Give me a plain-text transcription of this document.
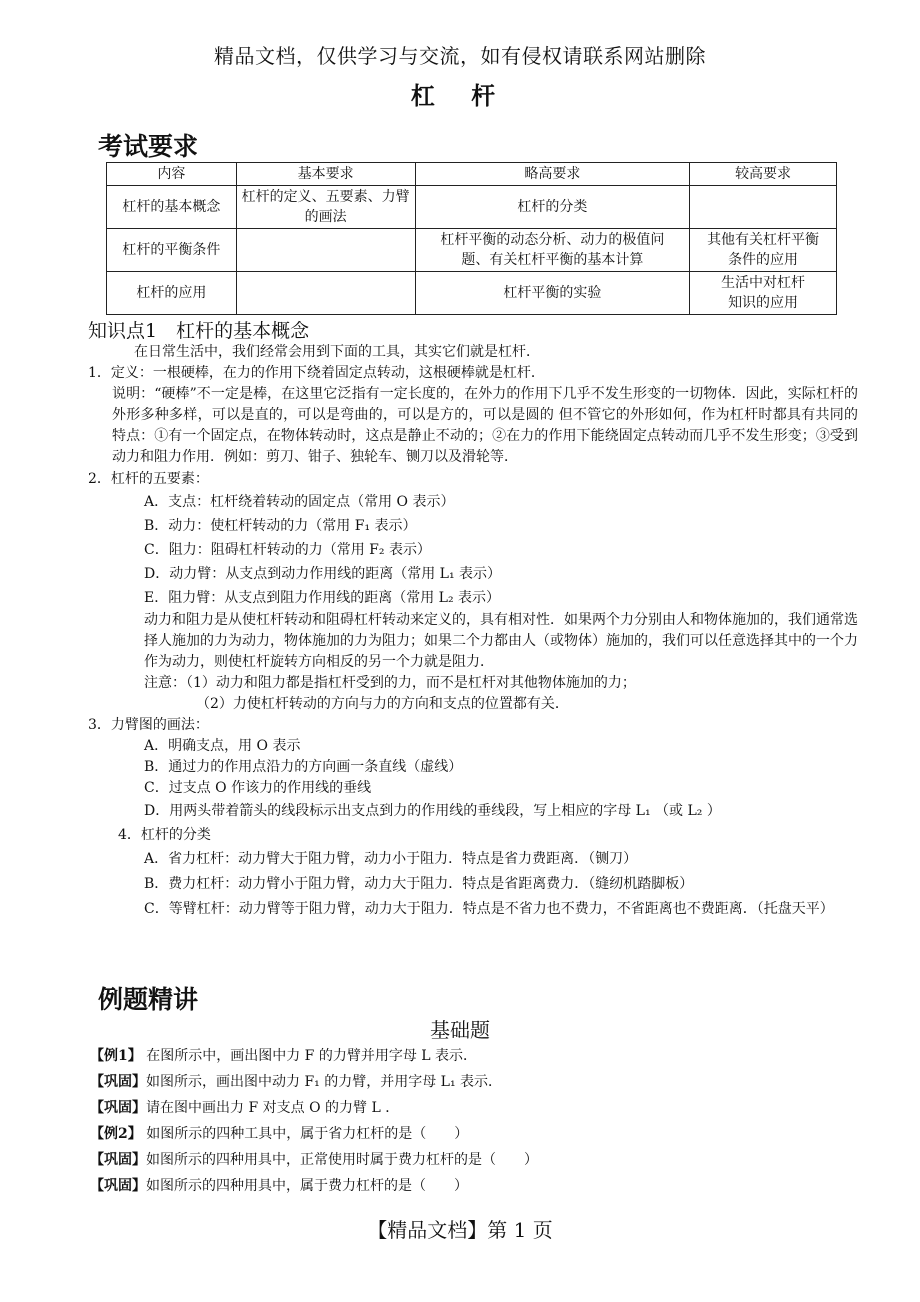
精品文档，仅供学习与交流，如有侵权请联系网站删除
杠 杆
考试要求
内容	基本要求	略高要求	较高要求
杠杆的基本概念	杠杆的定义、五要素、力臂的画法	杠杆的分类	
杠杆的平衡条件		杠杆平衡的动态分析、动力的极值问题、有关杠杆平衡的基本计算	其他有关杠杆平衡条件的应用
杠杆的应用		杠杆平衡的实验	生活中对杠杆知识的应用
知识点1　杠杆的基本概念
在日常生活中，我们经常会用到下面的工具，其实它们就是杠杆．
1．定义：一根硬棒，在力的作用下绕着固定点转动，这根硬棒就是杠杆．
说明：“硬棒”不一定是棒，在这里它泛指有一定长度的，在外力的作用下几乎不发生形变的一切物体．因此，实际杠杆的外形多种多样，可以是直的，可以是弯曲的，可以是方的，可以是圆的 但不管它的外形如何，作为杠杆时都具有共同的特点：①有一个固定点，在物体转动时，这点是静止不动的；②在力的作用下能绕固定点转动而几乎不发生形变；③受到动力和阻力作用．例如：剪刀、钳子、独轮车、铡刀以及滑轮等．
2．杠杆的五要素：
A．支点：杠杆绕着转动的固定点（常用 O 表示）
B．动力：使杠杆转动的力（常用 F₁ 表示）
C．阻力：阻碍杠杆转动的力（常用 F₂ 表示）
D．动力臂：从支点到动力作用线的距离（常用 L₁ 表示）
E．阻力臂：从支点到阻力作用线的距离（常用 L₂ 表示）
动力和阻力是从使杠杆转动和阻碍杠杆转动来定义的，具有相对性．如果两个力分别由人和物体施加的，我们通常选择人施加的力为动力，物体施加的力为阻力；如果二个力都由人（或物体）施加的，我们可以任意选择其中的一个力作为动力，则使杠杆旋转方向相反的另一个力就是阻力．
注意：（1）动力和阻力都是指杠杆受到的力，而不是杠杆对其他物体施加的力；
（2）力使杠杆转动的方向与力的方向和支点的位置都有关．
3．力臂图的画法：
A．明确支点，用 O 表示
B．通过力的作用点沿力的方向画一条直线（虚线）
C．过支点 O 作该力的作用线的垂线
D．用两头带着箭头的线段标示出支点到力的作用线的垂线段，写上相应的字母 L₁ （或 L₂ ）
4．杠杆的分类
A．省力杠杆：动力臂大于阻力臂，动力小于阻力．特点是省力费距离．（铡刀）
B．费力杠杆：动力臂小于阻力臂，动力大于阻力．特点是省距离费力．（缝纫机踏脚板）
C．等臂杠杆：动力臂等于阻力臂，动力大于阻力．特点是不省力也不费力，不省距离也不费距离．（托盘天平）
例题精讲
基础题
【例1】 在图所示中，画出图中力 F 的力臂并用字母 L 表示．
【巩固】如图所示，画出图中动力 F₁ 的力臂，并用字母 L₁ 表示．
【巩固】请在图中画出力 F 对支点 O 的力臂 L ．
【例2】 如图所示的四种工具中，属于省力杠杆的是（　　）
【巩固】如图所示的四种用具中，正常使用时属于费力杠杆的是（　　）
【巩固】如图所示的四种用具中，属于费力杠杆的是（　　）
【精品文档】第 1 页
